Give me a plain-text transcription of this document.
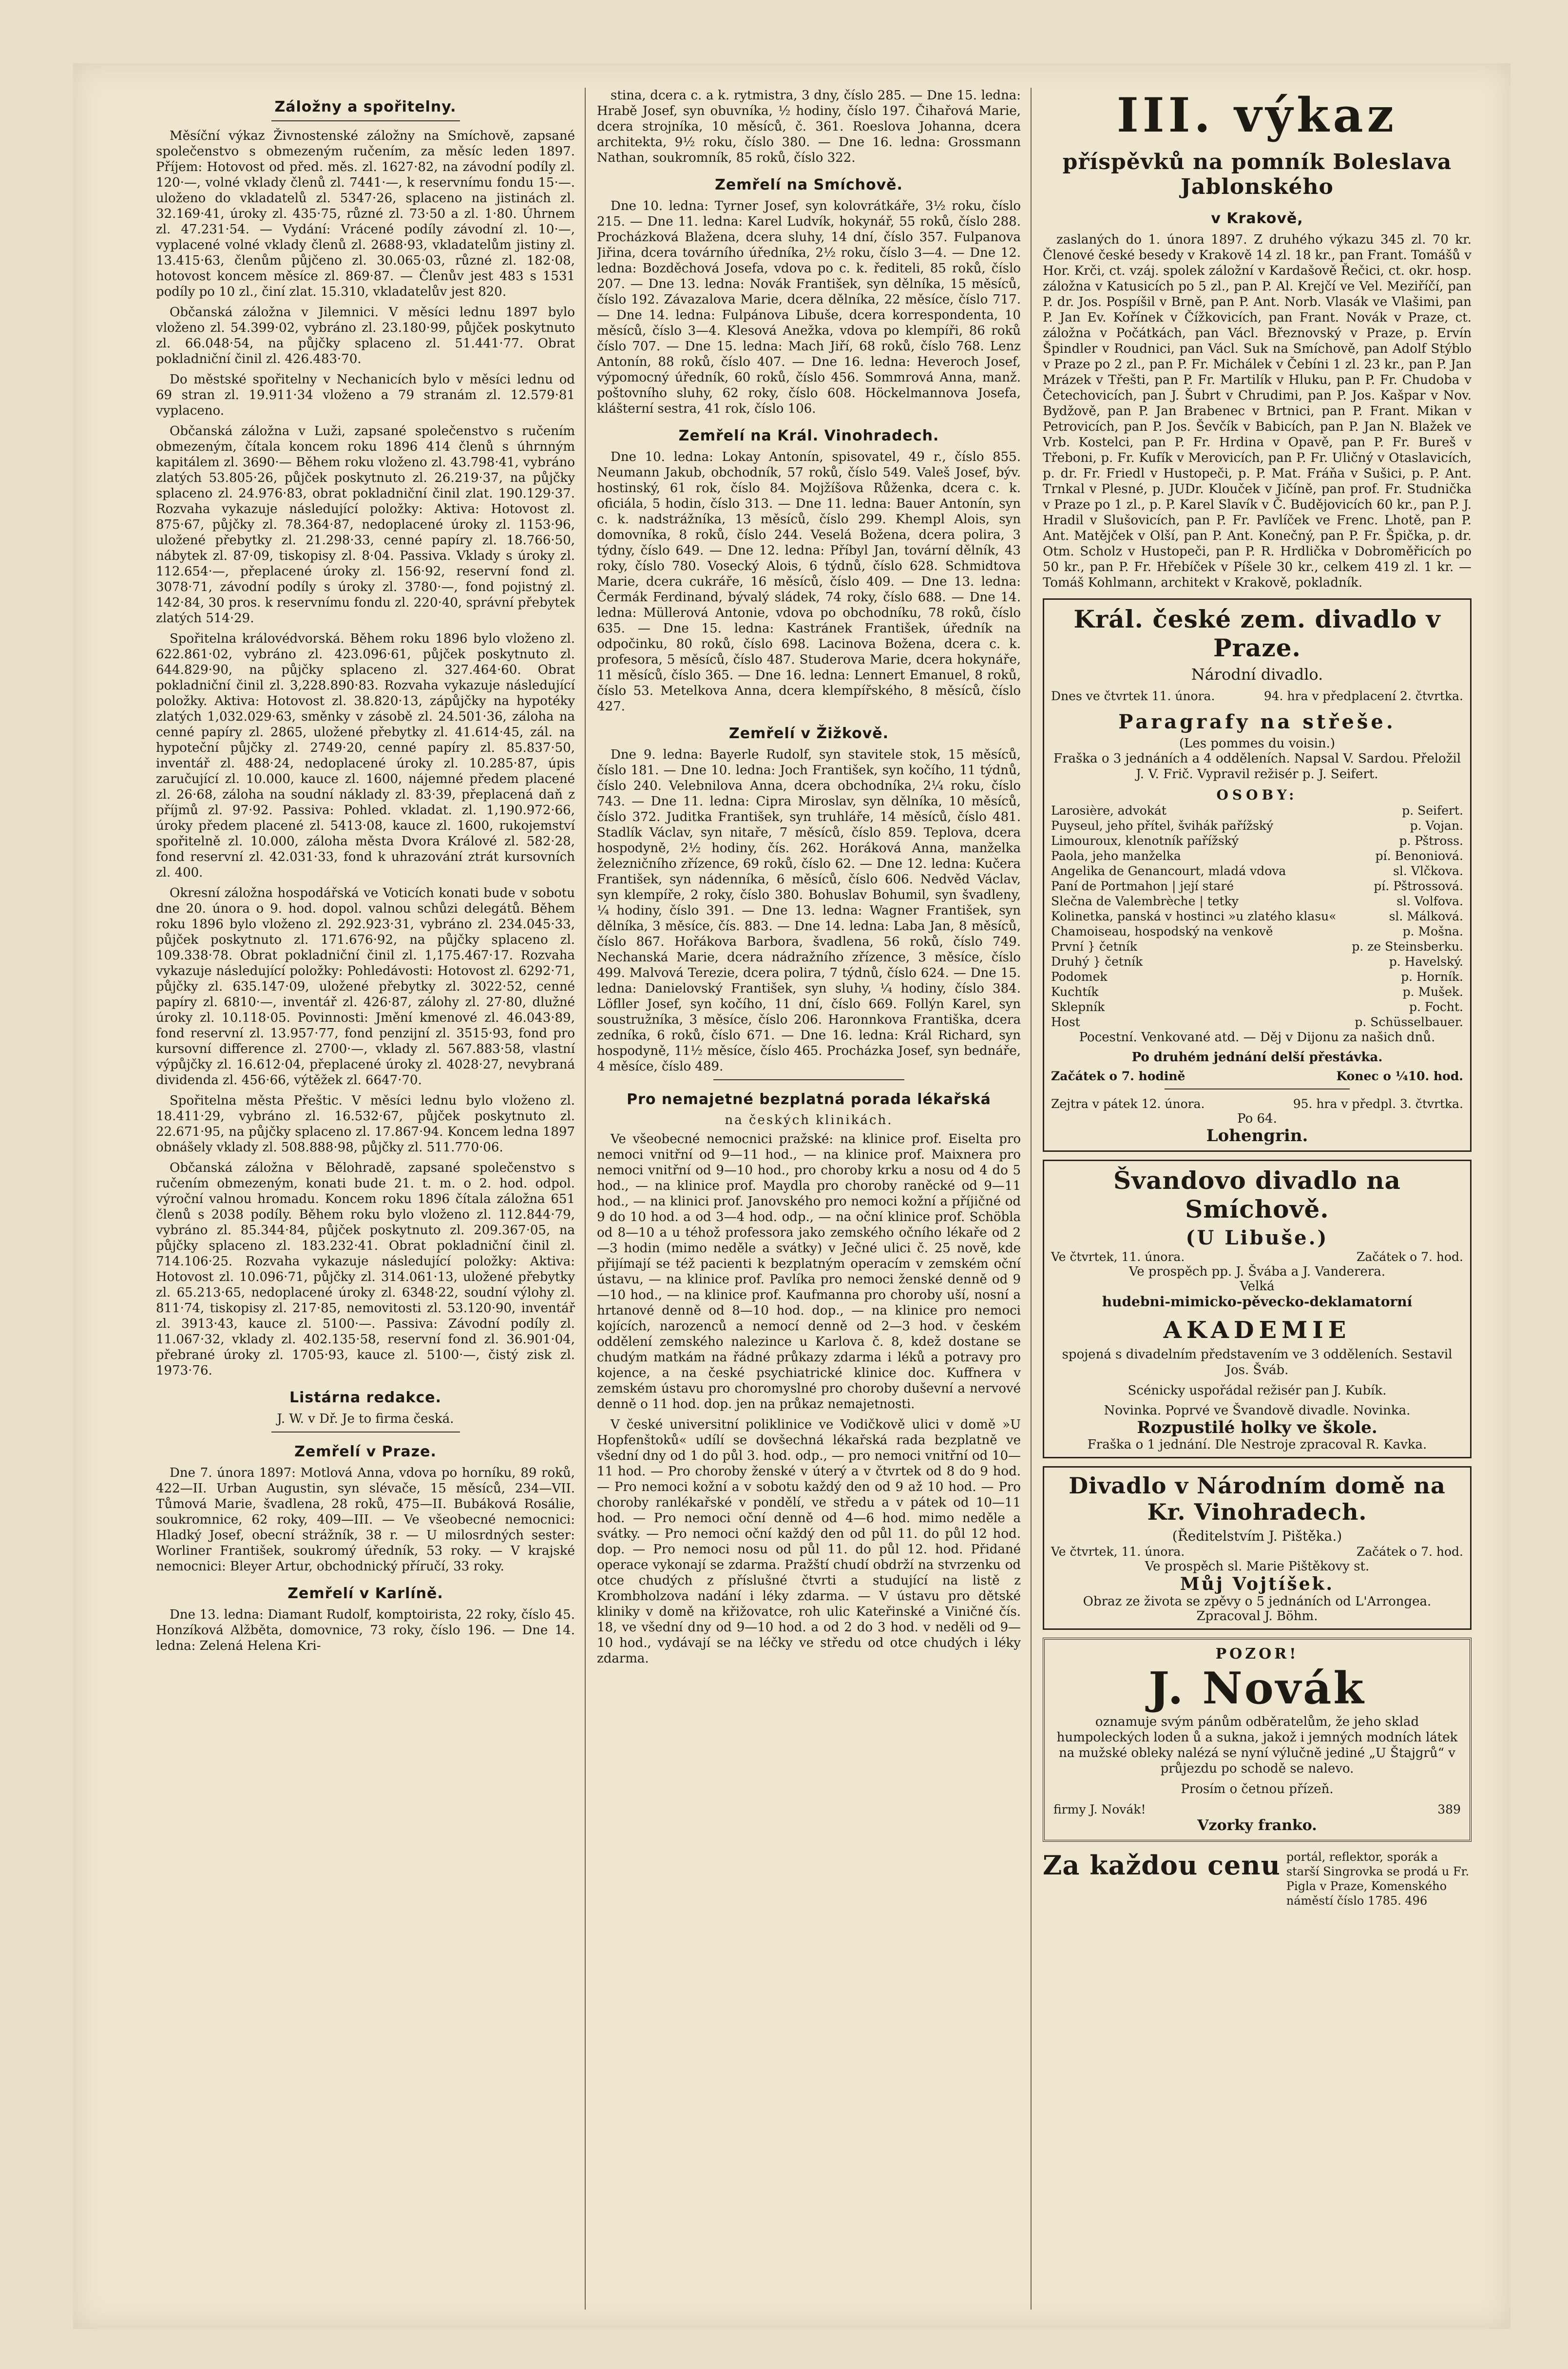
Záložny a spořitelny.

Měsíční výkaz Živnostenské záložny na Smíchově, zapsané společenstvo s obmezeným ručením, za měsíc leden 1897. Příjem: Hotovost od před. měs. zl. 1627·82, na závodní podíly zl. 120·—, volné vklady členů zl. 7441·—, k reservnímu fondu 15·—. uloženo do vkladatelů zl. 5347·26, splaceno na jistinách zl. 32.169·41, úroky zl. 435·75, různé zl. 73·50 a zl. 1·80. Úhrnem zl. 47.231·54. — Vydání: Vrácené podíly závodní zl. 10·—, vyplacené volné vklady členů zl. 2688·93, vkladatelům jistiny zl. 13.415·63, členům půjčeno zl. 30.065·03, různé zl. 182·08, hotovost koncem měsíce zl. 869·87. — Členův jest 483 s 1531 podíly po 10 zl., činí zlat. 15.310, vkladatelův jest 820.

Občanská záložna v Jilemnici. V měsíci lednu 1897 bylo vloženo zl. 54.399·02, vybráno zl. 23.180·99, půjček poskytnuto zl. 66.048·54, na půjčky splaceno zl. 51.441·77. Obrat pokladniční činil zl. 426.483·70.

Do městské spořitelny v Nechanicích bylo v měsíci lednu od 69 stran zl. 19.911·34 vloženo a 79 stranám zl. 12.579·81 vyplaceno.

Občanská záložna v Luži, zapsané společenstvo s ručením obmezeným, čítala koncem roku 1896 414 členů s úhrnným kapitálem zl. 3690·— Během roku vloženo zl. 43.798·41, vybráno zlatých 53.805·26, půjček poskytnuto zl. 26.219·37, na půjčky splaceno zl. 24.976·83, obrat pokladniční činil zlat. 190.129·37. Rozvaha vykazuje následující položky: Aktiva: Hotovost zl. 875·67, půjčky zl. 78.364·87, nedoplacené úroky zl. 1153·96, uložené přebytky zl. 21.298·33, cenné papíry zl. 18.766·50, nábytek zl. 87·09, tiskopisy zl. 8·04. Passiva. Vklady s úroky zl. 112.654·—, přeplacené úroky zl. 156·92, reservní fond zl. 3078·71, závodní podíly s úroky zl. 3780·—, fond pojistný zl. 142·84, 30 pros. k reservnímu fondu zl. 220·40, správní přebytek zlatých 514·29.

Spořitelna královédvorská. Během roku 1896 bylo vloženo zl. 622.861·02, vybráno zl. 423.096·61, půjček poskytnuto zl. 644.829·90, na půjčky splaceno zl. 327.464·60. Obrat pokladniční činil zl. 3,228.890·83. Rozvaha vykazuje následující položky. Aktiva: Hotovost zl. 38.820·13, zápůjčky na hypotéky zlatých 1,032.029·63, směnky v zásobě zl. 24.501·36, záloha na cenné papíry zl. 2865, uložené přebytky zl. 41.614·45, zál. na hypoteční půjčky zl. 2749·20, cenné papíry zl. 85.837·50, inventář zl. 488·24, nedoplacené úroky zl. 10.285·87, úpis zaručující zl. 10.000, kauce zl. 1600, nájemné předem placené zl. 26·68, záloha na soudní náklady zl. 83·39, přeplacená daň z příjmů zl. 97·92. Passiva: Pohled. vkladat. zl. 1,190.972·66, úroky předem placené zl. 5413·08, kauce zl. 1600, rukojemství spořitelně zl. 10.000, záloha města Dvora Králové zl. 582·28, fond reservní zl. 42.031·33, fond k uhrazování ztrát kursovních zl. 400.

Okresní záložna hospodářská ve Voticích konati bude v sobotu dne 20. února o 9. hod. dopol. valnou schůzi delegátů. Během roku 1896 bylo vloženo zl. 292.923·31, vybráno zl. 234.045·33, půjček poskytnuto zl. 171.676·92, na půjčky splaceno zl. 109.338·78. Obrat pokladniční činil zl. 1,175.467·17. Rozvaha vykazuje následující položky: Pohledávosti: Hotovost zl. 6292·71, půjčky zl. 635.147·09, uložené přebytky zl. 3022·52, cenné papíry zl. 6810·—, inventář zl. 426·87, zálohy zl. 27·80, dlužné úroky zl. 10.118·05. Povinnosti: Jmění kmenové zl. 46.043·89, fond reservní zl. 13.957·77, fond penzijní zl. 3515·93, fond pro kursovní difference zl. 2700·—, vklady zl. 567.883·58, vlastní výpůjčky zl. 16.612·04, přeplacené úroky zl. 4028·27, nevybraná dividenda zl. 456·66, výtěžek zl. 6647·70.

Spořitelna města Přeštic. V měsíci lednu bylo vloženo zl. 18.411·29, vybráno zl. 16.532·67, půjček poskytnuto zl. 22.671·95, na půjčky splaceno zl. 17.867·94. Koncem ledna 1897 obnášely vklady zl. 508.888·98, půjčky zl. 511.770·06.

Občanská záložna v Bělohradě, zapsané společenstvo s ručením obmezeným, konati bude 21. t. m. o 2. hod. odpol. výroční valnou hromadu. Koncem roku 1896 čítala záložna 651 členů s 2038 podíly. Během roku bylo vloženo zl. 112.844·79, vybráno zl. 85.344·84, půjček poskytnuto zl. 209.367·05, na půjčky splaceno zl. 183.232·41. Obrat pokladniční činil zl. 714.106·25. Rozvaha vykazuje následující položky: Aktiva: Hotovost zl. 10.096·71, půjčky zl. 314.061·13, uložené přebytky zl. 65.213·65, nedoplacené úroky zl. 6348·22, soudní výlohy zl. 811·74, tiskopisy zl. 217·85, nemovitosti zl. 53.120·90, inventář zl. 3913·43, kauce zl. 5100·—. Passiva: Závodní podíly zl. 11.067·32, vklady zl. 402.135·58, reservní fond zl. 36.901·04, přebrané úroky zl. 1705·93, kauce zl. 5100·—, čistý zisk zl. 1973·76.

Listárna redakce.

J. W. v Dř. Je to firma česká.

Zemřelí v Praze.

Dne 7. února 1897: Motlová Anna, vdova po horníku, 89 roků, 422—II. Urban Augustin, syn slévače, 15 měsíců, 234—VII. Tůmová Marie, švadlena, 28 roků, 475—II. Bubáková Rosálie, soukromnice, 62 roky, 409—III. — Ve všeobecné nemocnici: Hladký Josef, obecní strážník, 38 r. — U milosrdných sester: Worliner František, soukromý úředník, 53 roky. — V krajské nemocnici: Bleyer Artur, obchodnický příručí, 33 roky.

Zemřelí v Karlíně.

Dne 13. ledna: Diamant Rudolf, komptoirista, 22 roky, číslo 45. Honzíková Alžběta, domovnice, 73 roky, číslo 196. — Dne 14. ledna: Zelená Helena Kri-

stina, dcera c. a k. rytmistra, 3 dny, číslo 285. — Dne 15. ledna: Hrabě Josef, syn obuvníka, ½ hodiny, číslo 197. Čihařová Marie, dcera strojníka, 10 měsíců, č. 361. Roeslova Johanna, dcera architekta, 9½ roku, číslo 380. — Dne 16. ledna: Grossmann Nathan, soukromník, 85 roků, číslo 322.

Zemřelí na Smíchově.

Dne 10. ledna: Tyrner Josef, syn kolovrátkáře, 3½ roku, číslo 215. — Dne 11. ledna: Karel Ludvík, hokynář, 55 roků, číslo 288. Procházková Blažena, dcera sluhy, 14 dní, číslo 357. Fulpanova Jiřina, dcera továrního úředníka, 2½ roku, číslo 3—4. — Dne 12. ledna: Bozděchová Josefa, vdova po c. k. řediteli, 85 roků, číslo 207. — Dne 13. ledna: Novák František, syn dělníka, 15 měsíců, číslo 192. Závazalova Marie, dcera dělníka, 22 měsíce, číslo 717. — Dne 14. ledna: Fulpánova Libuše, dcera korrespondenta, 10 měsíců, číslo 3—4. Klesová Anežka, vdova po klempíři, 86 roků číslo 707. — Dne 15. ledna: Mach Jiří, 68 roků, číslo 768. Lenz Antonín, 88 roků, číslo 407. — Dne 16. ledna: Heveroch Josef, výpomocný úředník, 60 roků, číslo 456. Sommrová Anna, manž. poštovního sluhy, 62 roky, číslo 608. Höckelmannova Josefa, klášterní sestra, 41 rok, číslo 106.

Zemřelí na Král. Vinohradech.

Dne 10. ledna: Lokay Antonín, spisovatel, 49 r., číslo 855. Neumann Jakub, obchodník, 57 roků, číslo 549. Valeš Josef, býv. hostinský, 61 rok, číslo 84. Mojžíšova Růženka, dcera c. k. oficiála, 5 hodin, číslo 313. — Dne 11. ledna: Bauer Antonín, syn c. k. nadstrážníka, 13 měsíců, číslo 299. Khempl Alois, syn domovníka, 8 roků, číslo 244. Veselá Božena, dcera polira, 3 týdny, číslo 649. — Dne 12. ledna: Příbyl Jan, tovární dělník, 43 roky, číslo 780. Vosecký Alois, 6 týdnů, číslo 628. Schmidtova Marie, dcera cukráře, 16 měsíců, číslo 409. — Dne 13. ledna: Čermák Ferdinand, bývalý sládek, 74 roky, číslo 688. — Dne 14. ledna: Müllerová Antonie, vdova po obchodníku, 78 roků, číslo 635. — Dne 15. ledna: Kastránek František, úředník na odpočinku, 80 roků, číslo 698. Lacinova Božena, dcera c. k. profesora, 5 měsíců, číslo 487. Studerova Marie, dcera hokynáře, 11 měsíců, číslo 365. — Dne 16. ledna: Lennert Emanuel, 8 roků, číslo 53. Metelkova Anna, dcera klempířského, 8 měsíců, číslo 427.

Zemřelí v Žižkově.

Dne 9. ledna: Bayerle Rudolf, syn stavitele stok, 15 měsíců, číslo 181. — Dne 10. ledna: Joch František, syn kočího, 11 týdnů, číslo 240. Velebnilova Anna, dcera obchodníka, 2¼ roku, číslo 743. — Dne 11. ledna: Cipra Miroslav, syn dělníka, 10 měsíců, číslo 372. Juditka František, syn truhláře, 14 měsíců, číslo 481. Stadlík Václav, syn nitaře, 7 měsíců, číslo 859. Teplova, dcera hospodyně, 2½ hodiny, čís. 262. Horáková Anna, manželka železničního zřízence, 69 roků, číslo 62. — Dne 12. ledna: Kučera František, syn nádenníka, 6 měsíců, číslo 606. Nedvěd Václav, syn klempíře, 2 roky, číslo 380. Bohuslav Bohumil, syn švadleny, ¼ hodiny, číslo 391. — Dne 13. ledna: Wagner František, syn dělníka, 3 měsíce, čís. 883. — Dne 14. ledna: Laba Jan, 8 měsíců, číslo 867. Hořákova Barbora, švadlena, 56 roků, číslo 749. Nechanská Marie, dcera nádražního zřízence, 3 měsíce, číslo 499. Malvová Terezie, dcera polira, 7 týdnů, číslo 624. — Dne 15. ledna: Danielovský František, syn sluhy, ¼ hodiny, číslo 384. Löfller Josef, syn kočího, 11 dní, číslo 669. Follýn Karel, syn soustružníka, 3 měsíce, číslo 206. Haronnkova Františka, dcera zedníka, 6 roků, číslo 671. — Dne 16. ledna: Král Richard, syn hospodyně, 11½ měsíce, číslo 465. Procházka Josef, syn bednáře, 4 měsíce, číslo 489.

Pro nemajetné bezplatná porada lékařská
na českých klinikách.

Ve všeobecné nemocnici pražské: na klinice prof. Eiselta pro nemoci vnitřní od 9—11 hod., — na klinice prof. Maixnera pro nemoci vnitřní od 9—10 hod., pro choroby krku a nosu od 4 do 5 hod., — na klinice prof. Maydla pro choroby raněcké od 9—11 hod., — na klinici prof. Janovského pro nemoci kožní a příjičné od 9 do 10 hod. a od 3—4 hod. odp., — na oční klinice prof. Schöbla od 8—10 a u téhož professora jako zemského očního lékaře od 2—3 hodin (mimo neděle a svátky) v Ječné ulici č. 25 nově, kde přijímají se též pacienti k bezplatným operacím v zemském oční ústavu, — na klinice prof. Pavlíka pro nemoci ženské denně od 9—10 hod., — na klinice prof. Kaufmanna pro choroby uší, nosní a hrtanové denně od 8—10 hod. dop., — na klinice pro nemoci kojících, narozenců a nemocí denně od 2—3 hod. v českém oddělení zemského nalezince u Karlova č. 8, kdež dostane se chudým matkám na řádné průkazy zdarma i léků a potravy pro kojence, a na české psychiatrické klinice doc. Kuffnera v zemském ústavu pro choromyslné pro choroby duševní a nervové denně o 11 hod. dop. jen na průkaz nemajetnosti.

V české universitní poliklinice ve Vodičkově ulici v domě »U Hopfenštoků« udílí se dovšechná lékařská rada bezplatně ve všední dny od 1 do půl 3. hod. odp., — pro nemoci vnitřní od 10—11 hod. — Pro choroby ženské v úterý a v čtvrtek od 8 do 9 hod. — Pro nemoci kožní a v sobotu každý den od 9 až 10 hod. — Pro choroby ranlékařské v pondělí, ve středu a v pátek od 10—11 hod. — Pro nemoci oční denně od 4—6 hod. mimo neděle a svátky. — Pro nemoci oční každý den od půl 11. do půl 12 hod. dop. — Pro nemoci nosu od půl 11. do půl 12. hod. Přidané operace vykonají se zdarma. Pražští chudí obdrží na stvrzenku od otce chudých z příslušné čtvrti a studující na listě z Krombholzova nadání i léky zdarma. — V ústavu pro dětské kliniky v domě na křižovatce, roh ulic Kateřinské a Viničné čís. 18, ve všední dny od 9—10 hod. a od 2 do 3 hod. v neděli od 9—10 hod., vydávají se na léčky ve středu od otce chudých i léky zdarma.

III. výkaz
příspěvků na pomník Boleslava Jablonského
v Krakově,

zaslaných do 1. února 1897. Z druhého výkazu 345 zl. 70 kr. Členové české besedy v Krakově 14 zl. 18 kr., pan Frant. Tomášů v Hor. Krči, ct. vzáj. spolek záložní v Kardašově Řečici, ct. okr. hosp. záložna v Katusicích po 5 zl., pan P. Al. Krejčí ve Vel. Meziříčí, pan P. dr. Jos. Pospíšil v Brně, pan P. Ant. Norb. Vlasák ve Vlašimi, pan P. Jan Ev. Kořínek v Čížkovicích, pan Frant. Novák v Praze, ct. záložna v Počátkách, pan Václ. Březnovský v Praze, p. Ervín Špindler v Roudnici, pan Václ. Suk na Smíchově, pan Adolf Stýblo v Praze po 2 zl., pan P. Fr. Michálek v Čebíni 1 zl. 23 kr., pan P. Jan Mrázek v Třešti, pan P. Fr. Martilík v Hluku, pan P. Fr. Chudoba v Četechovicích, pan J. Šubrt v Chrudimi, pan P. Jos. Kašpar v Nov. Bydžově, pan P. Jan Brabenec v Brtnici, pan P. Frant. Mikan v Petrovicích, pan P. Jos. Ševčík v Babicích, pan P. Jan N. Blažek ve Vrb. Kostelci, pan P. Fr. Hrdina v Opavě, pan P. Fr. Bureš v Třeboni, p. Fr. Kufík v Merovicích, pan P. Fr. Uličný v Otaslavicích, p. dr. Fr. Friedl v Hustopeči, p. P. Mat. Fráňa v Sušici, p. P. Ant. Trnkal v Plesné, p. JUDr. Klouček v Jičíně, pan prof. Fr. Studnička v Praze po 1 zl., p. P. Karel Slavík v Č. Budějovicích 60 kr., pan P. J. Hradil v Slušovicích, pan P. Fr. Pavlíček ve Frenc. Lhotě, pan P. Ant. Matějček v Olší, pan P. Ant. Konečný, pan P. Fr. Špička, p. dr. Otm. Scholz v Hustopeči, pan P. R. Hrdlička v Dobroměřicích po 50 kr., pan P. Fr. Hřebíček v Píšele 30 kr., celkem 419 zl. 1 kr. — Tomáš Kohlmann, architekt v Krakově, pokladník.

Král. české zem. divadlo v Praze.
Národní divadlo.
Dnes ve čtvrtek 11. února.	94. hra v předplacení 2. čtvrtka.
Paragrafy na střeše.
(Les pommes du voisin.)

Fraška o 3 jednáních a 4 odděleních. Napsal V. Sardou. Přeložil J. V. Frič. Vypravil režisér p. J. Seifert.

OSOBY:
Larosière, advokát	p. Seifert.
Puyseul, jeho přítel, švihák pařížský	p. Vojan.
Limouroux, klenotník pařížský	p. Pštross.
Paola, jeho manželka	pí. Benoniová.
Angelika de Genancourt, mladá vdova	sl. Vlčkova.
Paní de Portmahon | její staré	pí. Pštrossová.
Slečna de Valembrèche | tetky	sl. Volfova.
Kolinetka, panská v hostinci »u zlatého klasu«	sl. Málková.
Chamoiseau, hospodský na venkově	p. Mošna.
První } četník	p. ze Steinsberku.
Druhý } četník	p. Havelský.
Podomek	p. Horník.
Kuchtík	p. Mušek.
Sklepník	p. Focht.
Host	p. Schüsselbauer.

Pocestní. Venkované atd. — Děj v Dijonu za našich dnů.

Po druhém jednání delší přestávka.
Začátek o 7. hodině	Konec o ¼10. hod.
Zejtra v pátek 12. února.	95. hra v předpl. 3. čtvrtka.
Po 64.
Lohengrin.
Švandovo divadlo na Smíchově.
(U Libuše.)
Ve čtvrtek, 11. února.	Začátek o 7. hod.
Ve prospěch pp. J. Švába a J. Vanderera.
Velká
hudebni-mimicko-pěvecko-deklamatorní
AKADEMIE

spojená s divadelním představením ve 3 odděleních. Sestavil Jos. Šváb.

Scénicky uspořádal režisér pan J. Kubík.

Novinka. Poprvé ve Švandově divadle. Novinka.
Rozpustilé holky ve škole.
Fraška o 1 jednání. Dle Nestroje zpracoval R. Kavka.
Divadlo v Národním domě na Kr. Vinohradech.
(Ředitelstvím J. Pištěka.)
Ve čtvrtek, 11. února.	Začátek o 7. hod.
Ve prospěch sl. Marie Pištěkovy st.
Můj Vojtíšek.
Obraz ze života se zpěvy o 5 jednáních od L'Arrongea. Zpracoval J. Böhm.
POZOR!
J. Novák

oznamuje svým pánům odběratelům, že jeho sklad humpoleckých loden ů a sukna, jakož i jemných modních látek na mužské obleky nalézá se nyní výlučně jediné „U Štajgrů“ v průjezdu po schodě se nalevo.

Prosím o četnou přízeň.

firmy J. Novák!	389
Vzorky franko.
Za každou cenu portál, reflektor, sporák a starší Singrovka se prodá u Fr. Pigla v Praze, Komenského náměstí číslo 1785. 496
